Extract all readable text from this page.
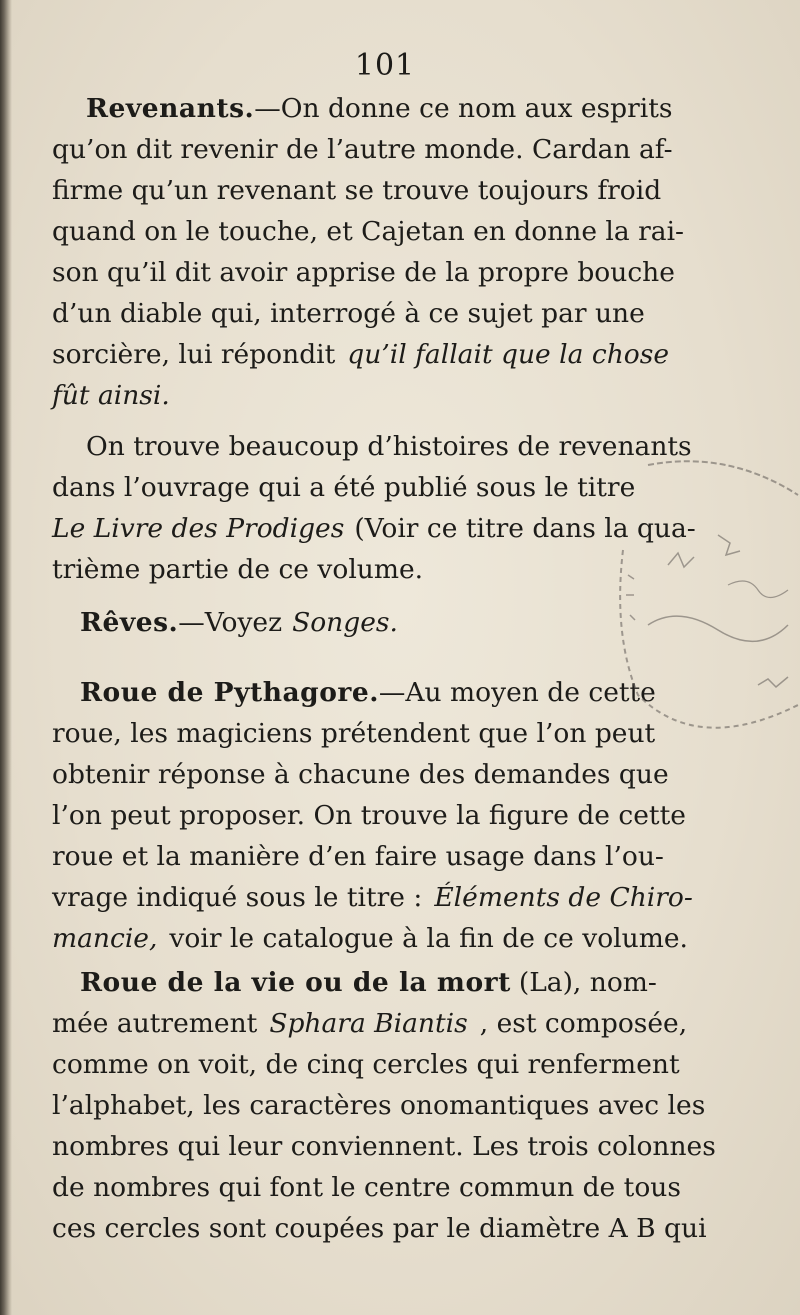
101
Revenants. —On donne ce nom aux esprits
qu’on dit revenir de l’autre monde. Cardan af-
firme qu’un revenant se trouve toujours froid
quand on le touche, et Cajetan en donne la rai-
son qu’il dit avoir apprise de la propre bouche
d’un diable qui, interrogé à ce sujet par une
sorcière, lui répondit qu’il fallait que la chose
fût ainsi.
On trouve beaucoup d’histoires de revenants
dans l’ouvrage qui a été publié sous le titre
Le Livre des Prodiges (Voir ce titre dans la qua-
trième partie de ce volume.
Rêves. —Voyez Songes.
Roue de Pythagore. —Au moyen de cette
roue, les magiciens prétendent que l’on peut
obtenir réponse à chacune des demandes que
l’on peut proposer. On trouve la figure de cette
roue et la manière d’en faire usage dans l’ou-
vrage indiqué sous le titre : Éléments de Chiro-
mancie, voir le catalogue à la fin de ce volume.
Roue de la vie ou de la mort (La), nom-
mée autrement Sphara Biantis , est composée,
comme on voit, de cinq cercles qui renferment
l’alphabet, les caractères onomantiques avec les
nombres qui leur conviennent. Les trois colonnes
de nombres qui font le centre commun de tous
ces cercles sont coupées par le diamètre A B qui
